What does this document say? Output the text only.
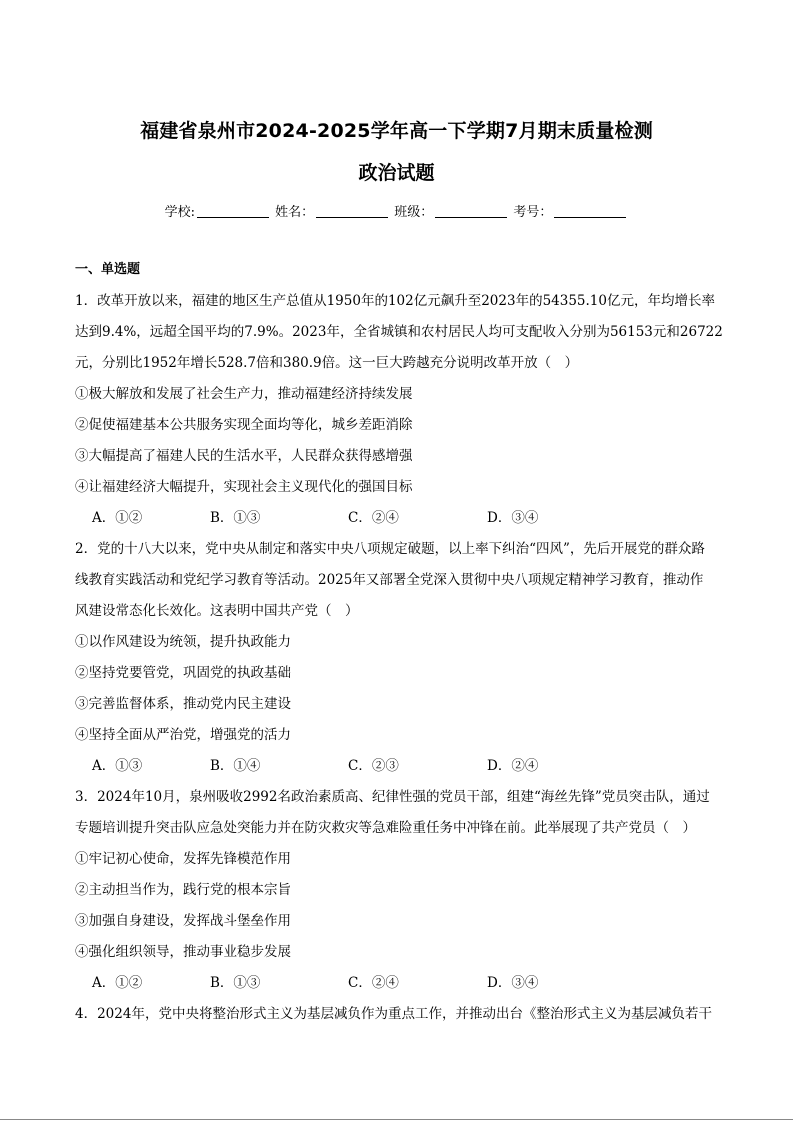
福建省泉州市2024-2025学年高一下学期7月期末质量检测
政治试题
学校:	姓名：	班级：	考号：
一、单选题
1．改革开放以来，福建的地区生产总值从1950年的102亿元飙升至2023年的54355.10亿元，年均增长率
达到9.4%，远超全国平均的7.9%。2023年，全省城镇和农村居民人均可支配收入分别为56153元和26722
元，分别比1952年增长528.7倍和380.9倍。这一巨大跨越充分说明改革开放（　）
①极大解放和发展了社会生产力，推动福建经济持续发展
②促使福建基本公共服务实现全面均等化，城乡差距消除
③大幅提高了福建人民的生活水平，人民群众获得感增强
④让福建经济大幅提升，实现社会主义现代化的强国目标
A．①②	B．①③	C．②④	D．③④
2．党的十八大以来，党中央从制定和落实中央八项规定破题，以上率下纠治“四风”，先后开展党的群众路
线教育实践活动和党纪学习教育等活动。2025年又部署全党深入贯彻中央八项规定精神学习教育，推动作
风建设常态化长效化。这表明中国共产党（　）
①以作风建设为统领，提升执政能力
②坚持党要管党，巩固党的执政基础
③完善监督体系，推动党内民主建设
④坚持全面从严治党，增强党的活力
A．①③	B．①④	C．②③	D．②④
3．2024年10月，泉州吸收2992名政治素质高、纪律性强的党员干部，组建“海丝先锋”党员突击队，通过
专题培训提升突击队应急处突能力并在防灾救灾等急难险重任务中冲锋在前。此举展现了共产党员（　）
①牢记初心使命，发挥先锋模范作用
②主动担当作为，践行党的根本宗旨
③加强自身建设，发挥战斗堡垒作用
④强化组织领导，推动事业稳步发展
A．①②	B．①③	C．②④	D．③④
4．2024年，党中央将整治形式主义为基层减负作为重点工作，并推动出台《整治形式主义为基层减负若干
